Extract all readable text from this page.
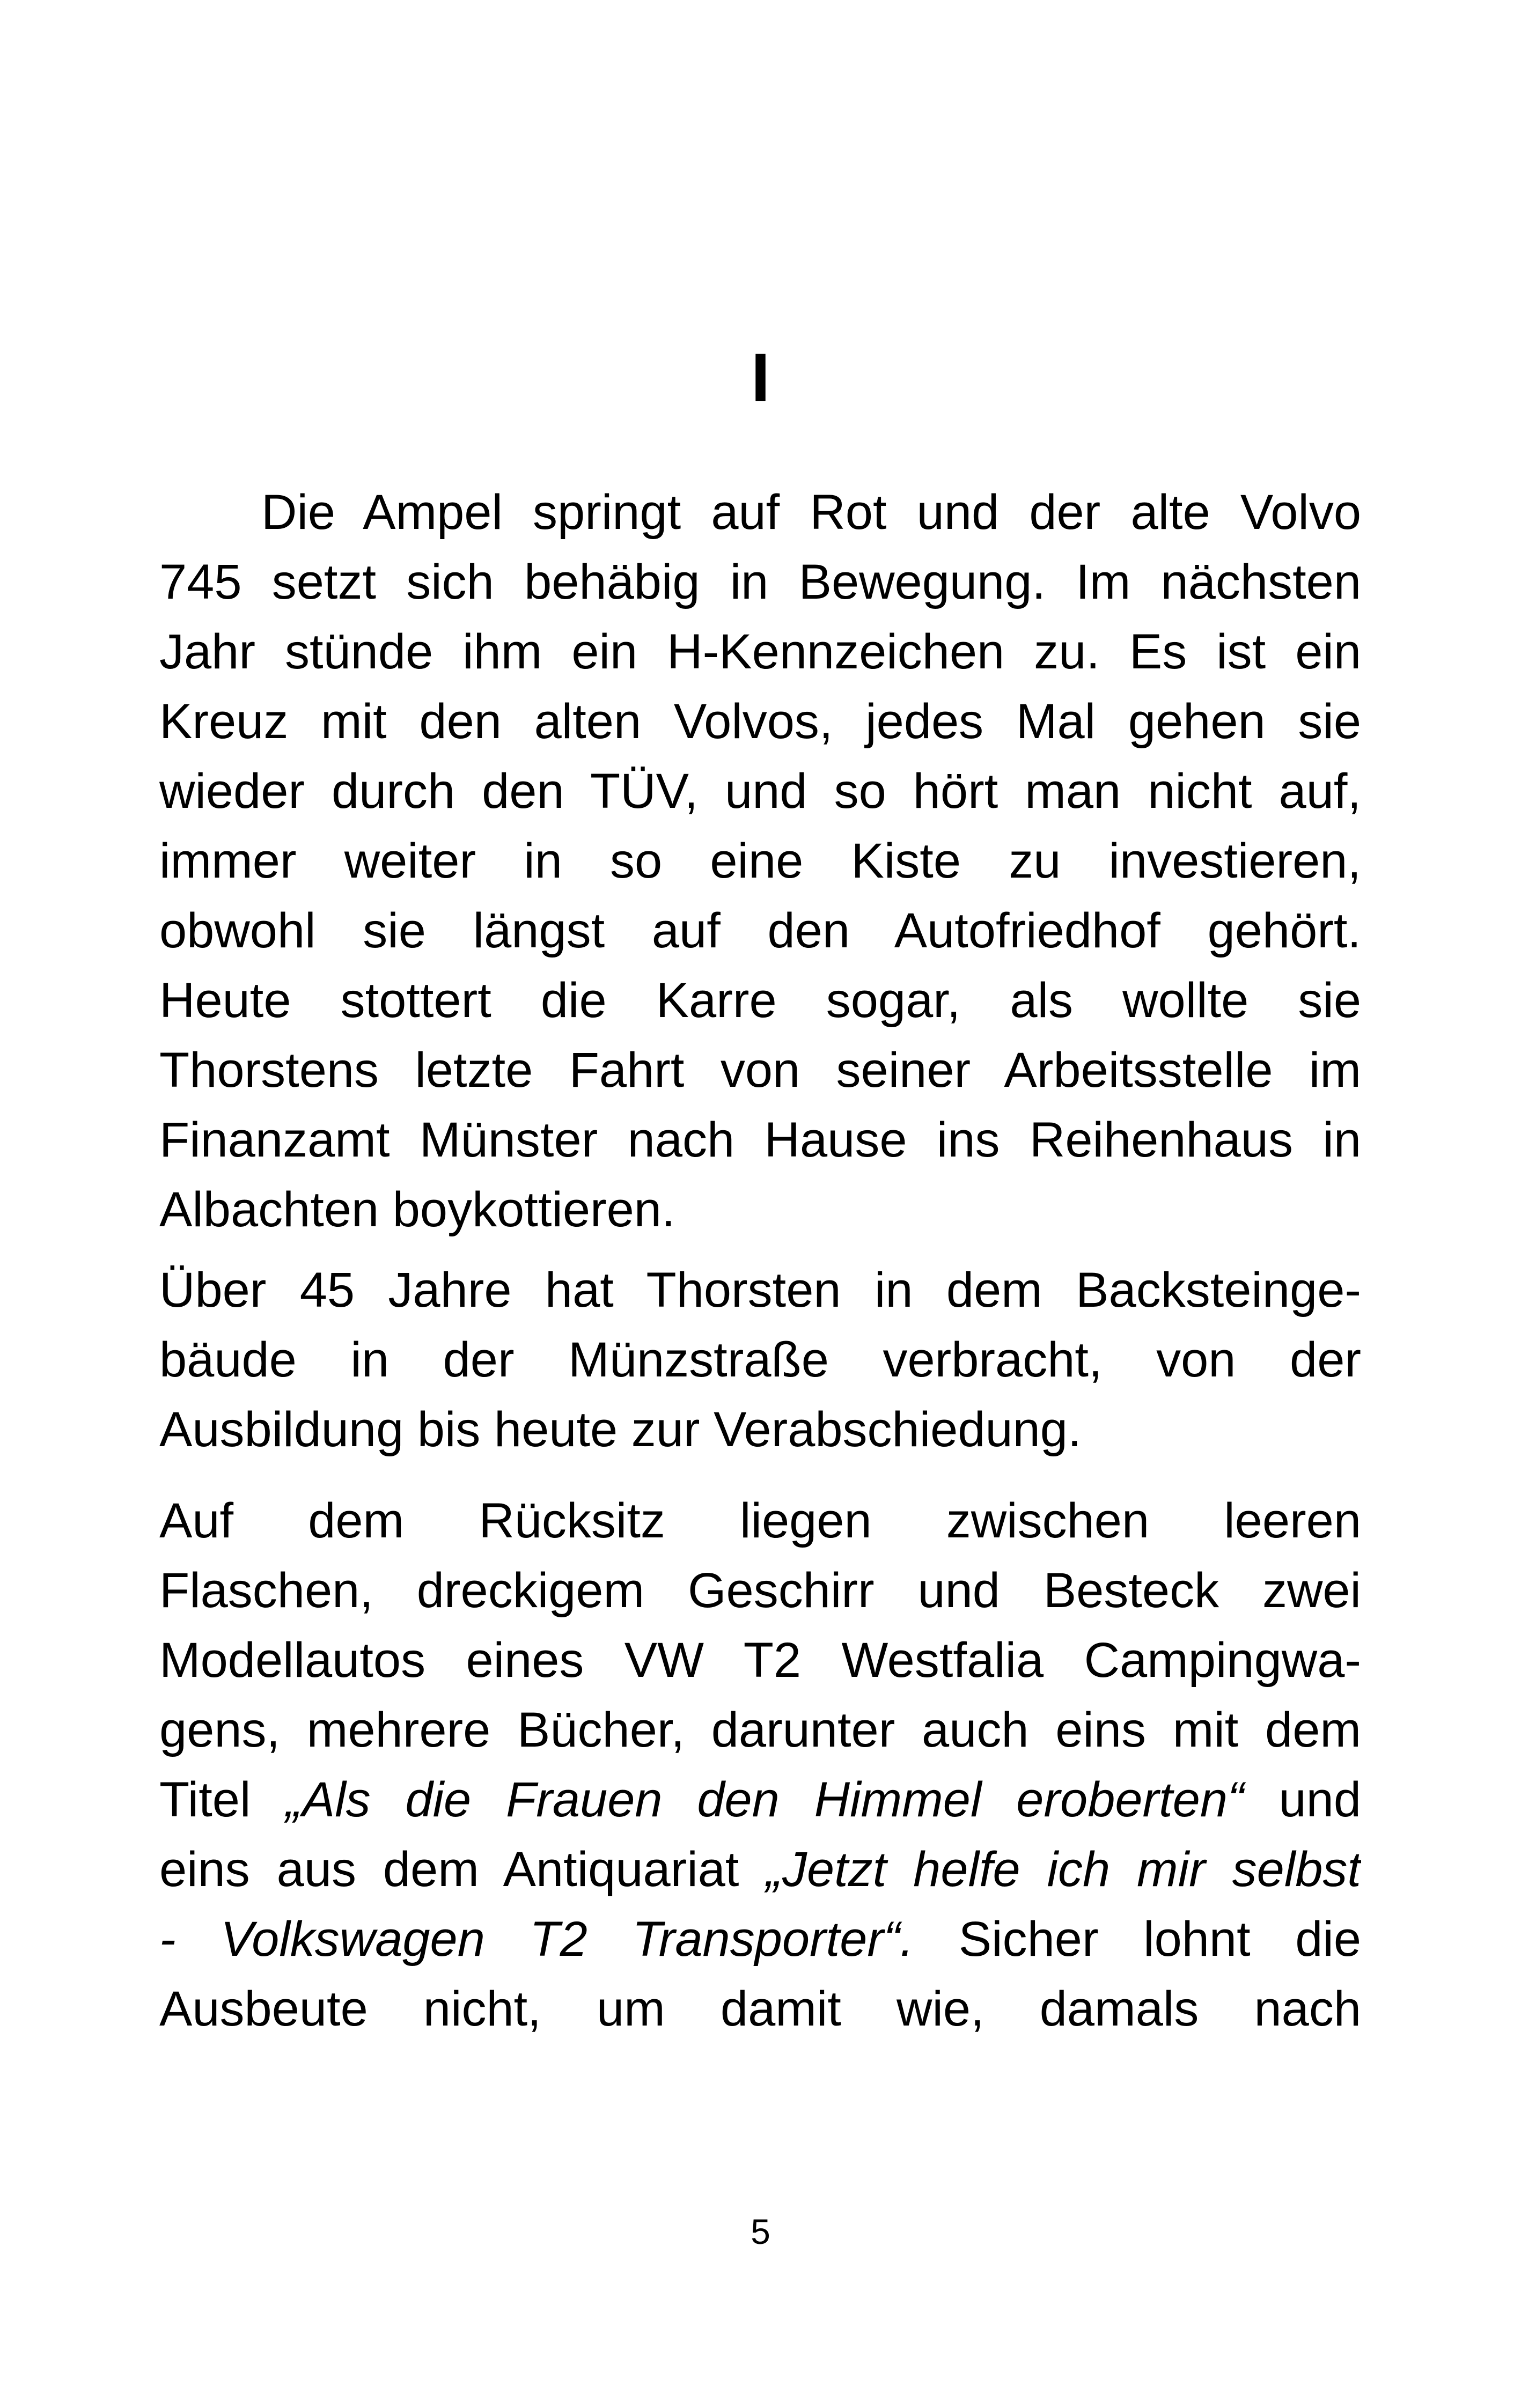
I
Die Ampel springt auf Rot und der alte Volvo
745 setzt sich behäbig in Bewegung. Im nächsten
Jahr stünde ihm ein H-Kennzeichen zu. Es ist ein
Kreuz mit den alten Volvos, jedes Mal gehen sie
wieder durch den TÜV, und so hört man nicht auf,
immer weiter in so eine Kiste zu investieren,
obwohl sie längst auf den Autofriedhof gehört.
Heute stottert die Karre sogar, als wollte sie
Thorstens letzte Fahrt von seiner Arbeitsstelle im
Finanzamt Münster nach Hause ins Reihenhaus in
Albachten boykottieren.
Über 45 Jahre hat Thorsten in dem Backsteinge-
bäude in der Münzstraße verbracht, von der
Ausbildung bis heute zur Verabschiedung.
Auf dem Rücksitz liegen zwischen leeren
Flaschen, dreckigem Geschirr und Besteck zwei
Modellautos eines VW T2 Westfalia Campingwa-
gens, mehrere Bücher, darunter auch eins mit dem
Titel „Als die Frauen den Himmel eroberten“ und
eins aus dem Antiquariat „Jetzt helfe ich mir selbst
- Volkswagen T2 Transporter“. Sicher lohnt die
Ausbeute nicht, um damit wie, damals nach
5
